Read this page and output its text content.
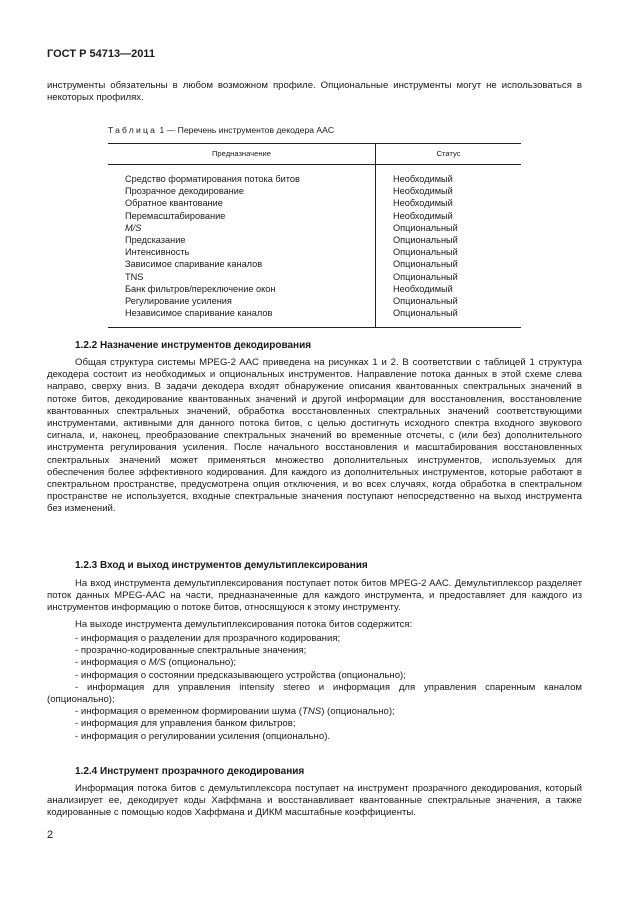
ГОСТ Р 54713—2011
инструменты обязательны в любом возможном профиле. Опциональные инструменты могут не использоваться в некоторых профилях.
Таблица 1 — Перечень инструментов декодера AAC
Предназначение	Статус
Средство форматирования потока битов	Необходимый
Прозрачное декодирование	Необходимый
Обратное квантование	Необходимый
Перемасштабирование	Необходимый
M/S	Опциональный
Предсказание	Опциональный
Интенсивность	Опциональный
Зависимое спаривание каналов	Опциональный
TNS	Опциональный
Банк фильтров/переключение окон	Необходимый
Регулирование усиления	Опциональный
Независимое спаривание каналов	Опциональный
1.2.2 Назначение инструментов декодирования
Общая структура системы MPEG-2 AAC приведена на рисунках 1 и 2. В соответствии с таблицей 1 структура декодера состоит из необходимых и опциональных инструментов. Направление потока данных в этой схеме слева направо, сверху вниз. В задачи декодера входят обнаружение описания квантованных спектральных значений в потоке битов, декодирование квантованных значений и другой информации для восстановления, восстановление квантованных спектральных значений, обработка восстановленных спектральных значений соответствующими инструментами, активными для данного потока битов, с целью достигнуть исходного спектра входного звукового сигнала, и, наконец, преобразование спектральных значений во временные отсчеты, с (или без) дополнительного инструмента регулирования усиления. После начального восстановления и масштабирования восстановленных спектральных значений может применяться множество дополнительных инструментов, используемых для обеспечения более эффективного кодирования. Для каждого из дополнительных инструментов, которые работают в спектральном пространстве, предусмотрена опция отключения, и во всех случаях, когда обработка в спектральном пространстве не используется, входные спектральные значения поступают непосредственно на выход инструмента без изменений.
1.2.3 Вход и выход инструментов демультиплексирования
На вход инструмента демультиплексирования поступает поток битов MPEG-2 AAC. Демультиплексор разделяет поток данных MPEG-AAC на части, предназначенные для каждого инструмента, и предоставляет для каждого из инструментов информацию о потоке битов, относящуюся к этому инструменту.
На выходе инструмента демультиплексирования потока битов содержится:
- информация о разделении для прозрачного кодирования;
- прозрачно-кодированные спектральные значения;
- информация о M/S (опционально);
- информация о состоянии предсказывающего устройства (опционально);
- информация для управления intensity stereo и информация для управления спаренным каналом (опционально);
- информация о временном формировании шума (TNS) (опционально);
- информация для управления банком фильтров;
- информация о регулировании усиления (опционально).
1.2.4 Инструмент прозрачного декодирования
Информация потока битов с демультиплексора поступает на инструмент прозрачного декодирования, который анализирует ее, декодирует коды Хаффмана и восстанавливает квантованные спектральные значения, а также кодированные с помощью кодов Хаффмана и ДИКМ масштабные коэффициенты.
2
